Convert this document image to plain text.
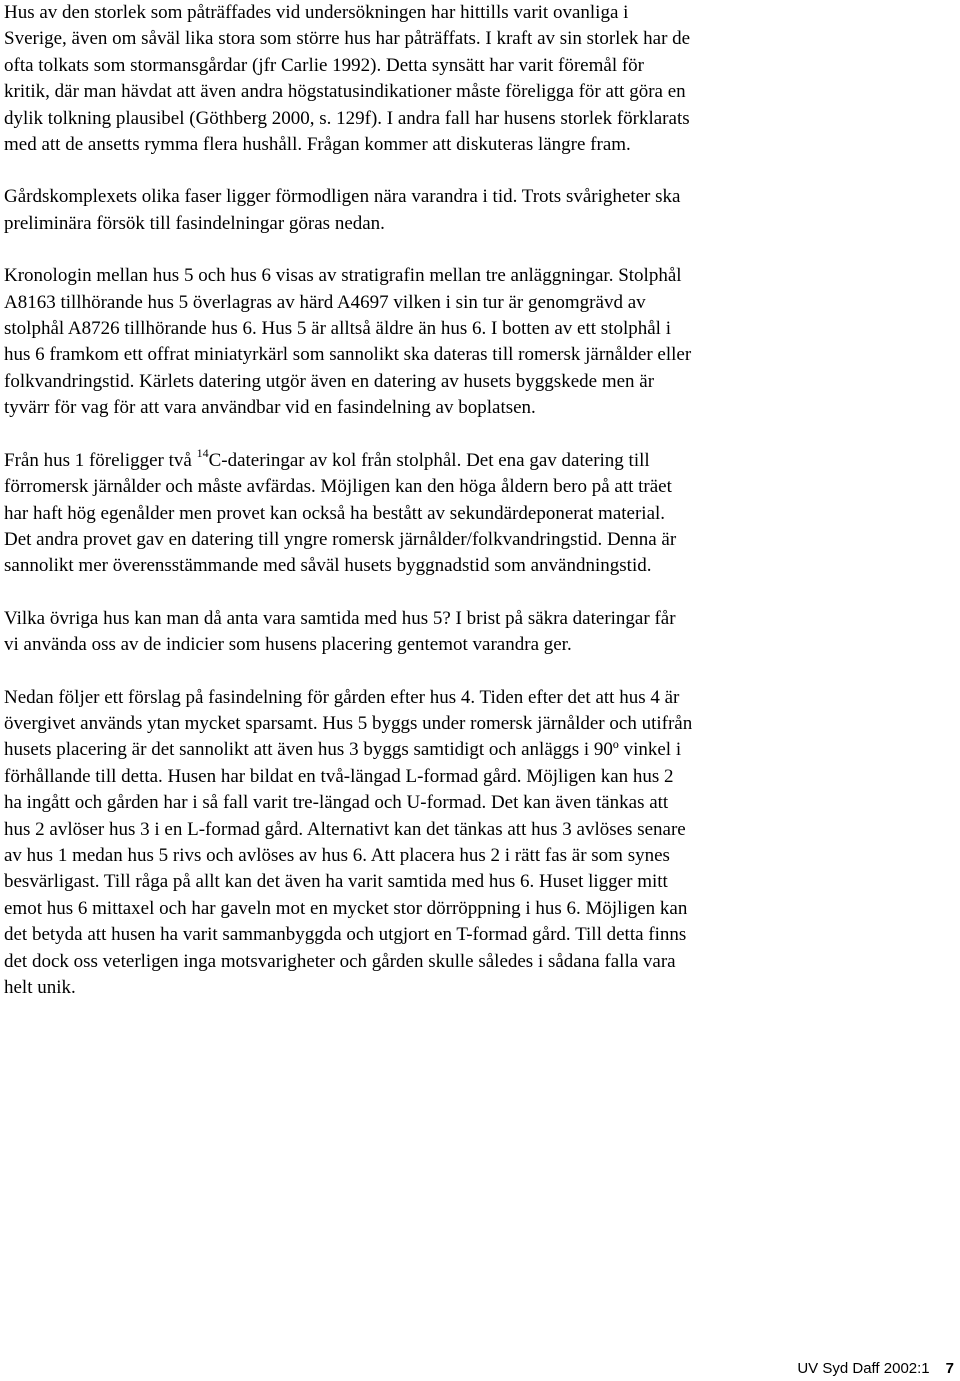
Hus av den storlek som påträffades vid undersökningen har hittills varit ovanliga i Sverige, även om såväl lika stora som större hus har påträffats. I kraft av sin storlek har de ofta tolkats som stormansgårdar (jfr Carlie 1992). Detta synsätt har varit föremål för kritik, där man hävdat att även andra högstatusindikationer måste föreligga för att göra en dylik tolkning plausibel (Göthberg 2000, s. 129f). I andra fall har husens storlek förklarats med att de ansetts rymma flera hushåll. Frågan kommer att diskuteras längre fram.

Gårdskomplexets olika faser ligger förmodligen nära varandra i tid. Trots svårigheter ska preliminära försök till fasindelningar göras nedan.

Kronologin mellan hus 5 och hus 6 visas av stratigrafin mellan tre anläggningar. Stolphål A8163 tillhörande hus 5 överlagras av härd A4697 vilken i sin tur är genomgrävd av stolphål A8726 tillhörande hus 6. Hus 5 är alltså äldre än hus 6. I botten av ett stolphål i hus 6 framkom ett offrat miniatyrkärl som sannolikt ska dateras till romersk järnålder eller folkvandringstid. Kärlets datering utgör även en datering av husets byggskede men är tyvärr för vag för att vara användbar vid en fasindelning av boplatsen.

Från hus 1 föreligger två $^{14}$C-dateringar av kol från stolphål. Det ena gav datering till förromersk järnålder och måste avfärdas. Möjligen kan den höga åldern bero på att träet har haft hög egenålder men provet kan också ha bestått av sekundärdeponerat material. Det andra provet gav en datering till yngre romersk järnålder/folkvandringstid. Denna är sannolikt mer överensstämmande med såväl husets byggnadstid som användningstid.

Vilka övriga hus kan man då anta vara samtida med hus 5? I brist på säkra dateringar får vi använda oss av de indicier som husens placering gentemot varandra ger.

Nedan följer ett förslag på fasindelning för gården efter hus 4. Tiden efter det att hus 4 är övergivet används ytan mycket sparsamt. Hus 5 byggs under romersk järnålder och utifrån husets placering är det sannolikt att även hus 3 byggs samtidigt och anläggs i 90º vinkel i förhållande till detta. Husen har bildat en två-längad L-formad gård. Möjligen kan hus 2 ha ingått och gården har i så fall varit tre-längad och U-formad. Det kan även tänkas att hus 2 avlöser hus 3 i en L-formad gård. Alternativt kan det tänkas att hus 3 avlöses senare av hus 1 medan hus 5 rivs och avlöses av hus 6. Att placera hus 2 i rätt fas är som synes besvärligast. Till råga på allt kan det även ha varit samtida med hus 6. Huset ligger mitt emot hus 6 mittaxel och har gaveln mot en mycket stor dörröppning i hus 6. Möjligen kan det betyda att husen ha varit sammanbyggda och utgjort en T-formad gård. Till detta finns det dock oss veterligen inga motsvarigheter och gården skulle således i sådana falla vara helt unik.

UV Syd Daff 2002:1 7
